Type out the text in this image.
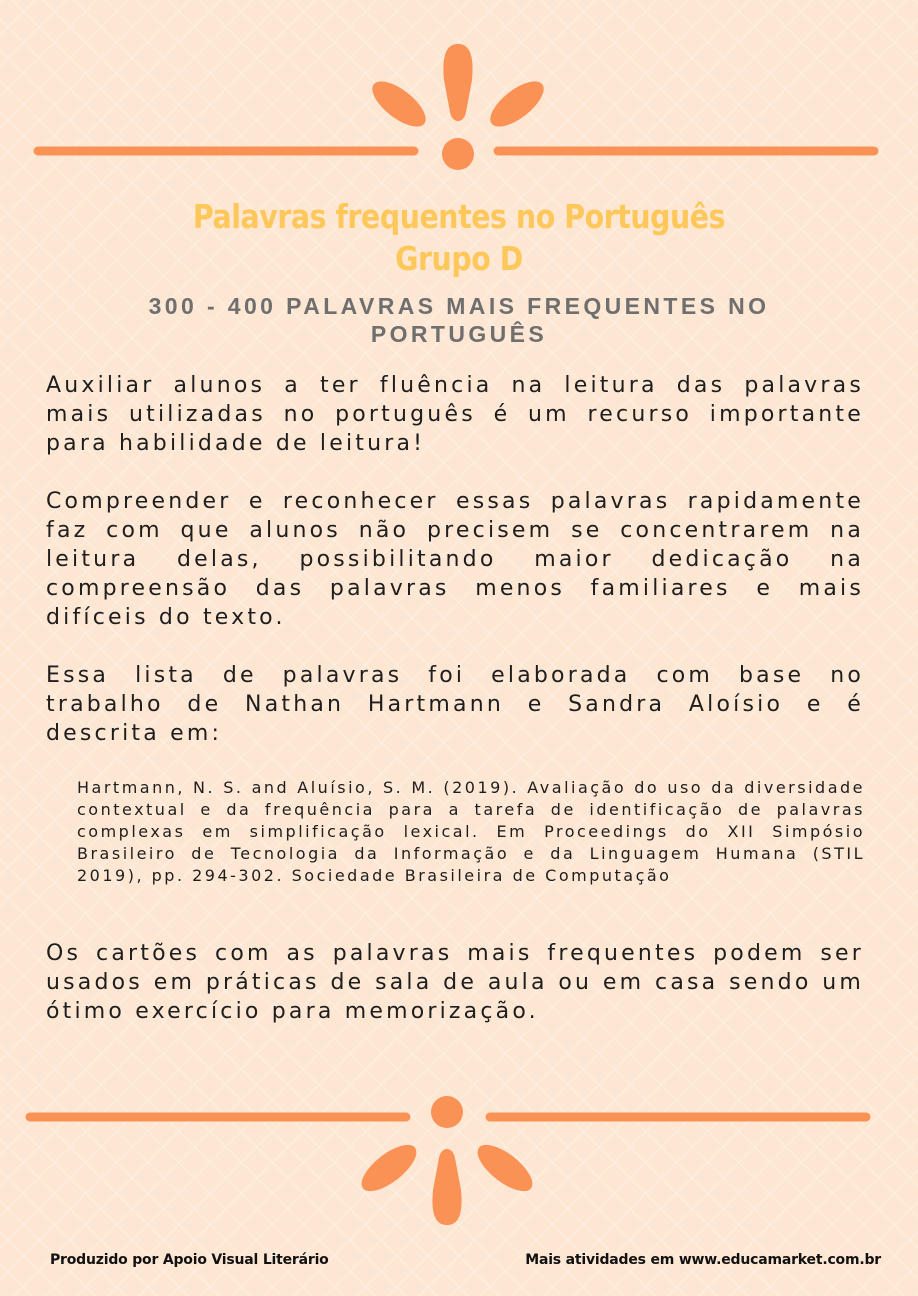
Palavras frequentes no Português
Grupo D
300 - 400 PALAVRAS MAIS FREQUENTES NO PORTUGUÊS

Auxiliar alunos a ter fluência na leitura das palavras mais utilizadas no português é um recurso importante para habilidade de leitura!

Compreender e reconhecer essas palavras rapidamente faz com que alunos não precisem se concentrarem na leitura delas, possibilitando maior dedicação na compreensão das palavras menos familiares e mais difíceis do texto.

Essa lista de palavras foi elaborada com base no trabalho de Nathan Hartmann e Sandra Aloísio e é descrita em:

Hartmann, N. S. and Aluísio, S. M. (2019). Avaliação do uso da diversidade contextual e da frequência para a tarefa de identificação de palavras complexas em simplificação lexical. Em Proceedings do XII Simpósio Brasileiro de Tecnologia da Informação e da Linguagem Humana (STIL 2019), pp. 294-302. Sociedade Brasileira de Computação

Os cartões com as palavras mais frequentes podem ser usados em práticas de sala de aula ou em casa sendo um ótimo exercício para memorização.

Produzido por Apoio Visual Literário	Mais atividades em www.educamarket.com.br
